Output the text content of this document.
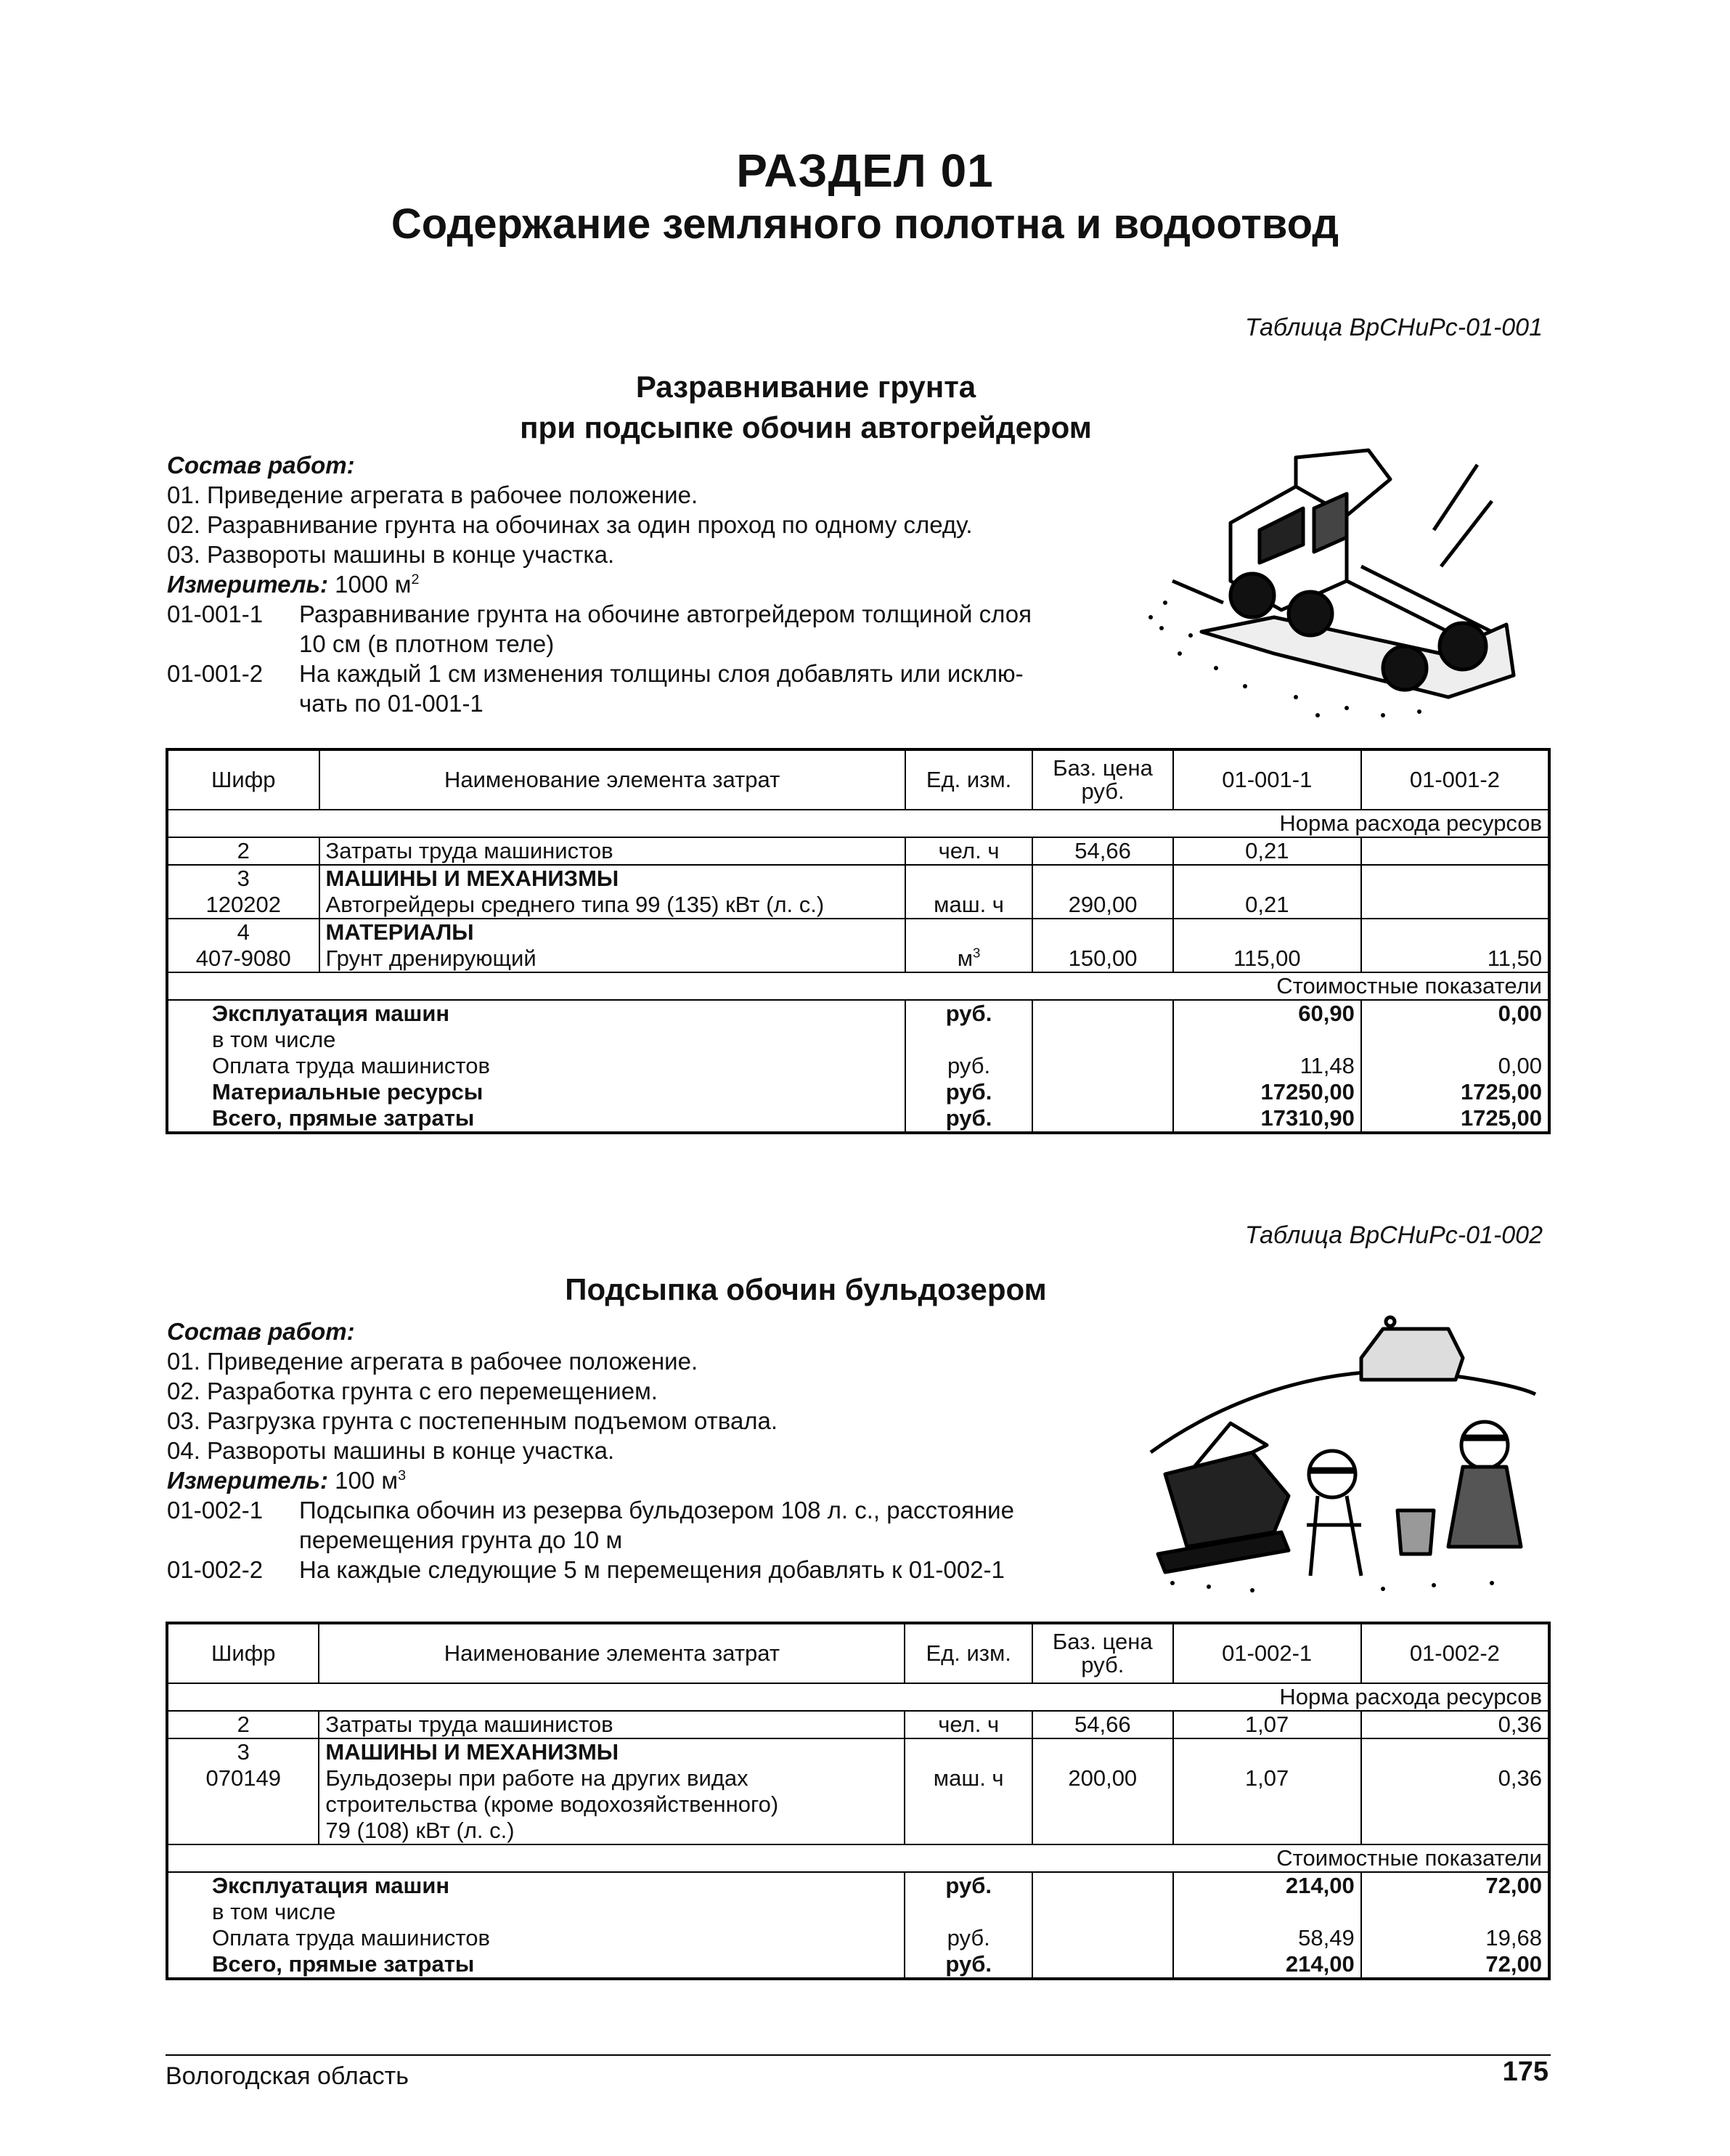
РАЗДЕЛ 01
Содержание земляного полотна и водоотвод
Таблица ВрСНиРс-01-001
Разравнивание грунта
при подсыпке обочин автогрейдером
Состав работ:
01. Приведение агрегата в рабочее положение.
02. Разравнивание грунта на обочинах за один проход по одному следу.
03. Развороты машины в конце участка.
Измеритель: 1000 $м^2$
01-001-1 Разравнивание грунта на обочине автогрейдером толщиной слоя
10 см (в плотном теле)
01-001-2 На каждый 1 см изменения толщины слоя добавлять или исклю-
чать по 01-001-1
Шифр	Наименование элемента затрат	Ед. изм.	Баз. цена руб.	01-001-1	01-001-2
Норма расхода ресурсов					
2	Затраты труда машинистов	чел. ч	54,66	0,21	
3	МАШИНЫ И МЕХАНИЗМЫ				
120202	Автогрейдеры среднего типа 99 (135) кВт (л. с.)	маш. ч	290,00	0,21	
4	МАТЕРИАЛЫ				
407-9080	Грунт дренирующий	$м^3$	150,00	115,00	11,50
Стоимостные показатели					
Эксплуатация машин		руб.		60,90	0,00
в том числе					
Оплата труда машинистов		руб.		11,48	0,00
Материальные ресурсы		руб.		17250,00	1725,00
Всего, прямые затраты		руб.		17310,90	1725,00
Таблица ВрСНиРс-01-002
Подсыпка обочин бульдозером
Состав работ:
01. Приведение агрегата в рабочее положение.
02. Разработка грунта с его перемещением.
03. Разгрузка грунта с постепенным подъемом отвала.
04. Развороты машины в конце участка.
Измеритель: 100 $м^3$
01-002-1 Подсыпка обочин из резерва бульдозером 108 л. с., расстояние
перемещения грунта до 10 м
01-002-2 На каждые следующие 5 м перемещения добавлять к 01-002-1
Шифр	Наименование элемента затрат	Ед. изм.	Баз. цена руб.	01-002-1	01-002-2
Норма расхода ресурсов					
2	Затраты труда машинистов	чел. ч	54,66	1,07	0,36
3	МАШИНЫ И МЕХАНИЗМЫ				
070149	Бульдозеры при работе на других видах
строительства (кроме водохозяйственного)
79 (108) кВт (л. с.)	маш. ч	200,00	1,07	0,36
Стоимостные показатели					
Эксплуатация машин		руб.		214,00	72,00
в том числе					
Оплата труда машинистов		руб.		58,49	19,68
Всего, прямые затраты		руб.		214,00	72,00
Вологодская область	175
